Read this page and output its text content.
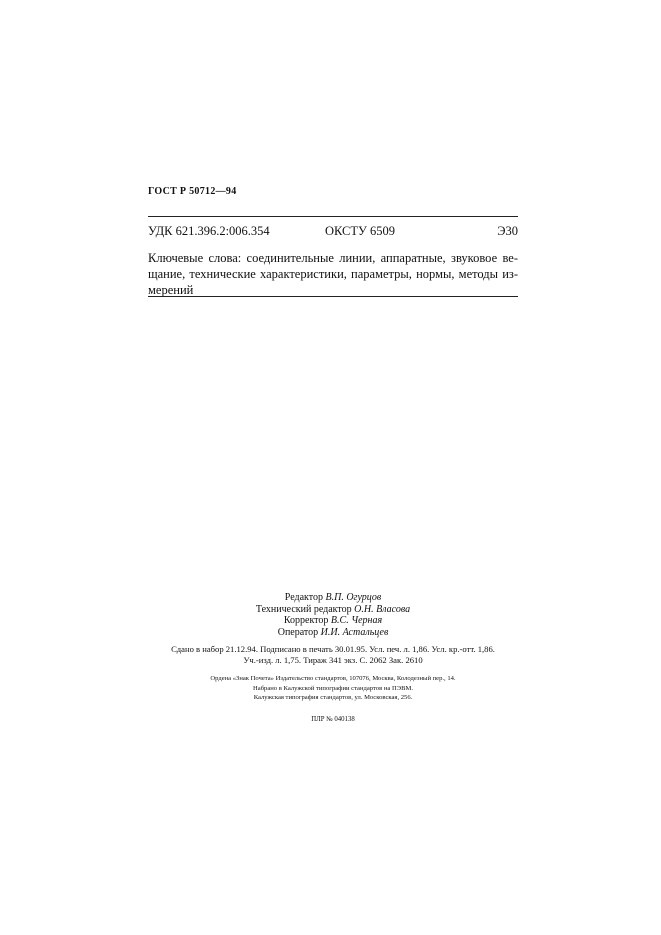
ГОСТ Р 50712—94
УДК 621.396.2:006.354	ОКСТУ 6509	Э30
Ключевые слова: соединительные линии, аппаратные, звуковое ве-
щание, технические характеристики, параметры, нормы, методы из-
мерений
Редактор В.П. Огурцов
Технический редактор О.Н. Власова
Корректор В.С. Черная
Оператор И.И. Астальцев
Сдано в набор 21.12.94. Подписано в печать 30.01.95. Усл. печ. л. 1,86. Усл. кр.-отт. 1,86.
Уч.-изд. л. 1,75. Тираж 341 экз. С. 2062 Зак. 2610
Ордена «Знак Почета» Издательство стандартов, 107076, Москва, Колодезный пер., 14.
Набрано в Калужской типографии стандартов на ПЭВМ.
Калужская типография стандартов, ул. Московская, 256.
ПЛР № 040138
